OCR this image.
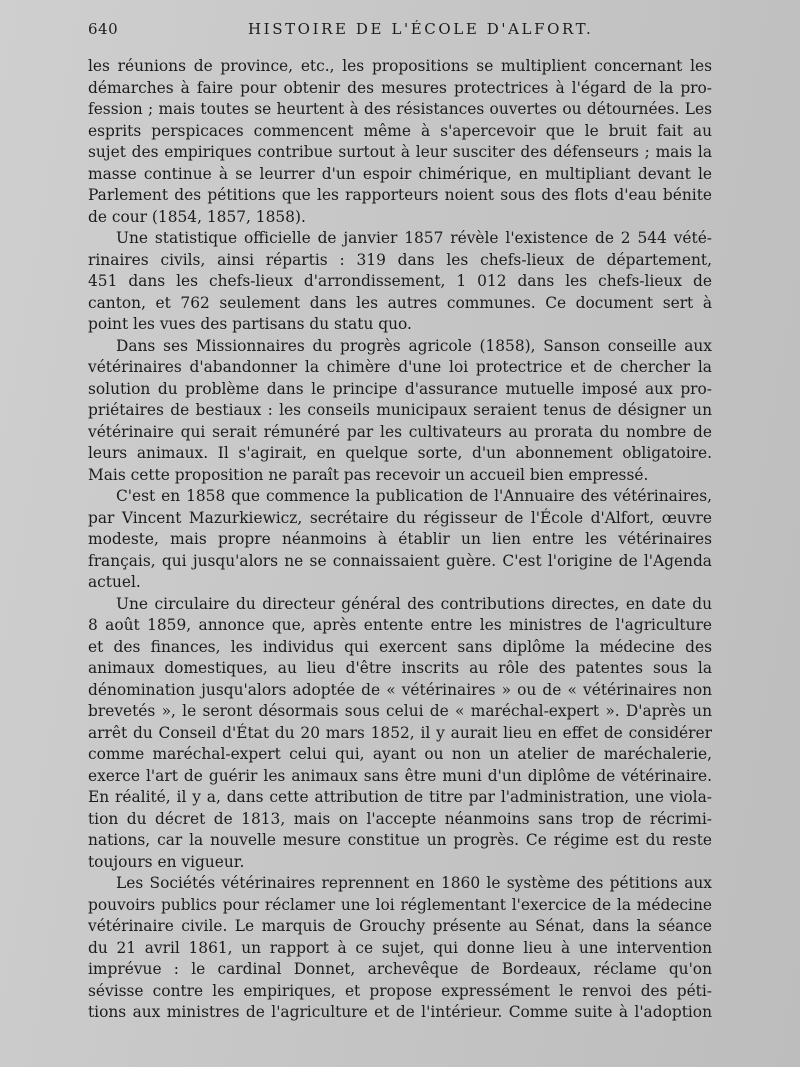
640	HISTOIRE DE L'ÉCOLE D'ALFORT.
les réunions de province, etc., les propositions se multiplient concernant les
démarches à faire pour obtenir des mesures protectrices à l'égard de la pro-
fession ; mais toutes se heurtent à des résistances ouvertes ou détournées. Les
esprits perspicaces commencent même à s'apercevoir que le bruit fait au
sujet des empiriques contribue surtout à leur susciter des défenseurs ; mais la
masse continue à se leurrer d'un espoir chimérique, en multipliant devant le
Parlement des pétitions que les rapporteurs noient sous des flots d'eau bénite
de cour (1854, 1857, 1858).
Une statistique officielle de janvier 1857 révèle l'existence de 2 544 vété-
rinaires civils, ainsi répartis : 319 dans les chefs-lieux de département,
451 dans les chefs-lieux d'arrondissement, 1 012 dans les chefs-lieux de
canton, et 762 seulement dans les autres communes. Ce document sert à
point les vues des partisans du statu quo.
Dans ses Missionnaires du progrès agricole (1858), Sanson conseille aux
vétérinaires d'abandonner la chimère d'une loi protectrice et de chercher la
solution du problème dans le principe d'assurance mutuelle imposé aux pro-
priétaires de bestiaux : les conseils municipaux seraient tenus de désigner un
vétérinaire qui serait rémunéré par les cultivateurs au prorata du nombre de
leurs animaux. Il s'agirait, en quelque sorte, d'un abonnement obligatoire.
Mais cette proposition ne paraît pas recevoir un accueil bien empressé.
C'est en 1858 que commence la publication de l'Annuaire des vétérinaires,
par Vincent Mazurkiewicz, secrétaire du régisseur de l'École d'Alfort, œuvre
modeste, mais propre néanmoins à établir un lien entre les vétérinaires
français, qui jusqu'alors ne se connaissaient guère. C'est l'origine de l'Agenda
actuel.
Une circulaire du directeur général des contributions directes, en date du
8 août 1859, annonce que, après entente entre les ministres de l'agriculture
et des finances, les individus qui exercent sans diplôme la médecine des
animaux domestiques, au lieu d'être inscrits au rôle des patentes sous la
dénomination jusqu'alors adoptée de « vétérinaires » ou de « vétérinaires non
brevetés », le seront désormais sous celui de « maréchal-expert ». D'après un
arrêt du Conseil d'État du 20 mars 1852, il y aurait lieu en effet de considérer
comme maréchal-expert celui qui, ayant ou non un atelier de maréchalerie,
exerce l'art de guérir les animaux sans être muni d'un diplôme de vétérinaire.
En réalité, il y a, dans cette attribution de titre par l'administration, une viola-
tion du décret de 1813, mais on l'accepte néanmoins sans trop de récrimi-
nations, car la nouvelle mesure constitue un progrès. Ce régime est du reste
toujours en vigueur.
Les Sociétés vétérinaires reprennent en 1860 le système des pétitions aux
pouvoirs publics pour réclamer une loi réglementant l'exercice de la médecine
vétérinaire civile. Le marquis de Grouchy présente au Sénat, dans la séance
du 21 avril 1861, un rapport à ce sujet, qui donne lieu à une intervention
imprévue : le cardinal Donnet, archevêque de Bordeaux, réclame qu'on
sévisse contre les empiriques, et propose expressément le renvoi des péti-
tions aux ministres de l'agriculture et de l'intérieur. Comme suite à l'adoption
